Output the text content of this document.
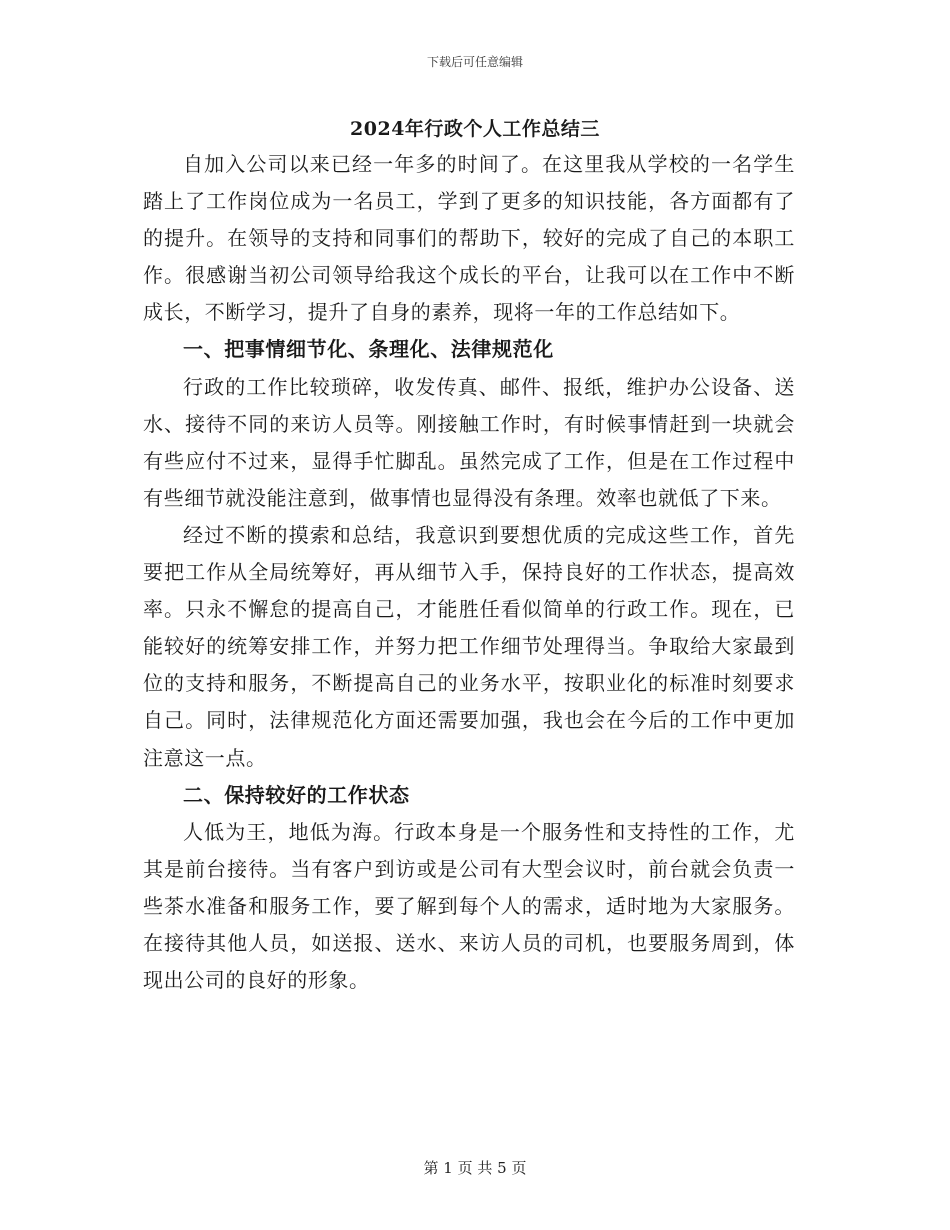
下载后可任意编辑
2024年行政个人工作总结三

自加入公司以来已经一年多的时间了。在这里我从学校的一名学生踏上了工作岗位成为一名员工，学到了更多的知识技能，各方面都有了的提升。在领导的支持和同事们的帮助下，较好的完成了自己的本职工作。很感谢当初公司领导给我这个成长的平台，让我可以在工作中不断成长，不断学习，提升了自身的素养，现将一年的工作总结如下。

一、把事情细节化、条理化、法律规范化

行政的工作比较琐碎，收发传真、邮件、报纸，维护办公设备、送水、接待不同的来访人员等。刚接触工作时，有时候事情赶到一块就会有些应付不过来，显得手忙脚乱。虽然完成了工作，但是在工作过程中有些细节就没能注意到，做事情也显得没有条理。效率也就低了下来。

经过不断的摸索和总结，我意识到要想优质的完成这些工作，首先要把工作从全局统筹好，再从细节入手，保持良好的工作状态，提高效率。只永不懈怠的提高自己，才能胜任看似简单的行政工作。现在，已能较好的统筹安排工作，并努力把工作细节处理得当。争取给大家最到位的支持和服务，不断提高自己的业务水平，按职业化的标准时刻要求自己。同时，法律规范化方面还需要加强，我也会在今后的工作中更加注意这一点。

二、保持较好的工作状态

人低为王，地低为海。行政本身是一个服务性和支持性的工作，尤其是前台接待。当有客户到访或是公司有大型会议时，前台就会负责一些茶水准备和服务工作，要了解到每个人的需求，适时地为大家服务。在接待其他人员，如送报、送水、来访人员的司机，也要服务周到，体现出公司的良好的形象。

第 1 页 共 5 页
